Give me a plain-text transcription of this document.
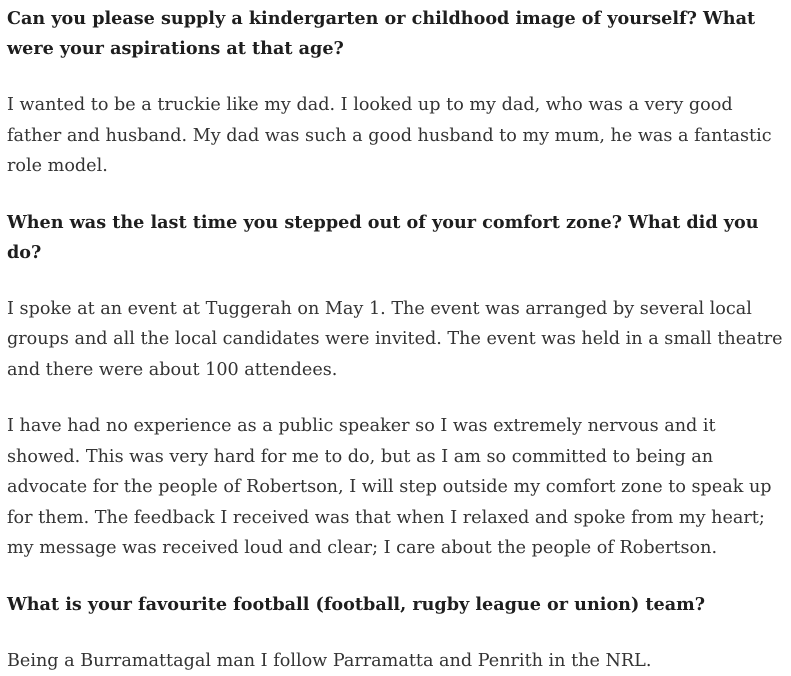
Can you please supply a kindergarten or childhood image of yourself? What were your aspirations at that age?

I wanted to be a truckie like my dad. I looked up to my dad, who was a very good father and husband. My dad was such a good husband to my mum, he was a fantastic role model.

When was the last time you stepped out of your comfort zone? What did you do?

I spoke at an event at Tuggerah on May 1. The event was arranged by several local groups and all the local candidates were invited. The event was held in a small theatre and there were about 100 attendees.

I have had no experience as a public speaker so I was extremely nervous and it showed. This was very hard for me to do, but as I am so committed to being an advocate for the people of Robertson, I will step outside my comfort zone to speak up for them. The feedback I received was that when I relaxed and spoke from my heart; my message was received loud and clear; I care about the people of Robertson.

What is your favourite football (football, rugby league or union) team?

Being a Burramattagal man I follow Parramatta and Penrith in the NRL.
